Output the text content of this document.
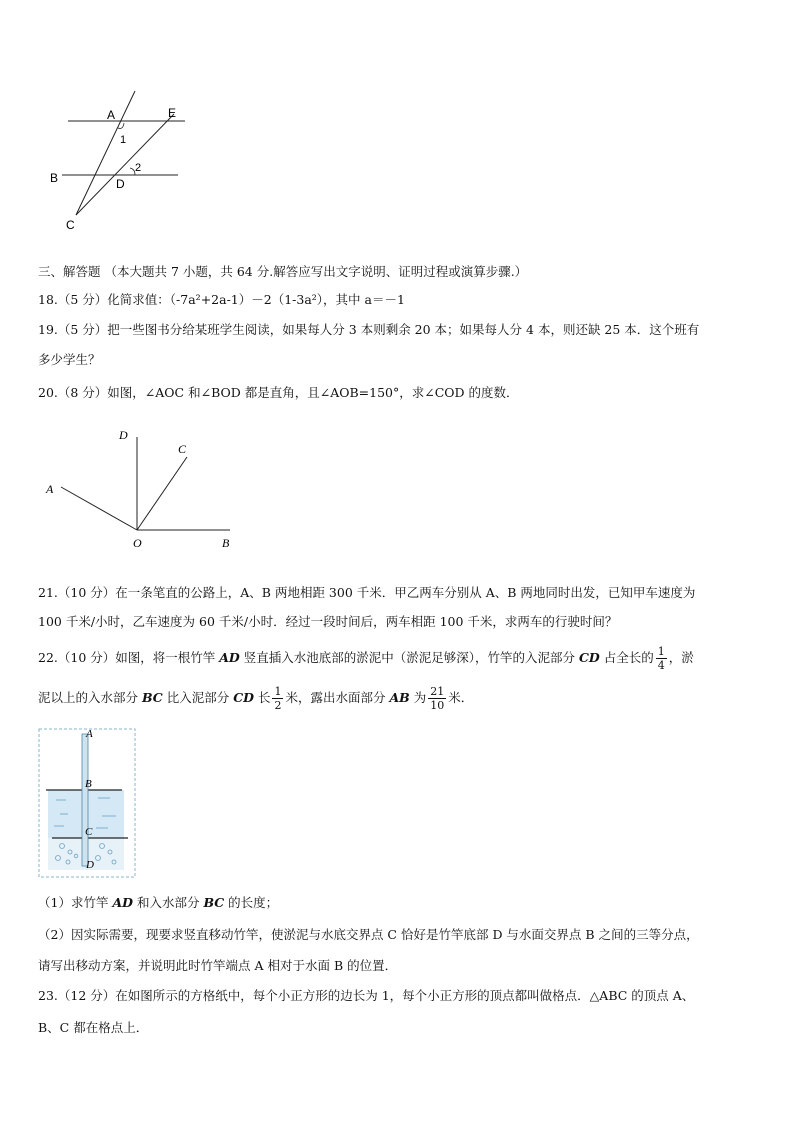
A	E
1
B
2
D
C
三、解答题 （本大题共 7 小题，共 64 分.解答应写出文字说明、证明过程或演算步骤.）
18.（5 分）化简求值：（-7a²+2a-1）－2（1-3a²），其中 a＝－1
19.（5 分）把一些图书分给某班学生阅读，如果每人分 3 本则剩余 20 本；如果每人分 4 本，则还缺 25 本．这个班有
多少学生？
20.（8 分）如图，∠AOC 和∠BOD 都是直角，且∠AOB=150°，求∠COD 的度数．
D
C
A
O	B
21.（10 分）在一条笔直的公路上，A、B 两地相距 300 千米．甲乙两车分别从 A、B 两地同时出发，已知甲车速度为
100 千米/小时，乙车速度为 60 千米/小时．经过一段时间后，两车相距 100 千米，求两车的行驶时间？
22.（10 分）如图，将一根竹竿 AD 竖直插入水池底部的淤泥中（淤泥足够深），竹竿的入泥部分 CD 占全长的 $\frac{1}{4}$ ，淤
泥以上的入水部分 BC 比入泥部分 CD 长 $\frac{1}{2}$ 米，露出水面部分 AB 为 $\frac{21}{10}$ 米．
A
B
C
D
（1）求竹竿 AD 和入水部分 BC 的长度；
（2）因实际需要，现要求竖直移动竹竿，使淤泥与水底交界点 C 恰好是竹竿底部 D 与水面交界点 B 之间的三等分点，
请写出移动方案，并说明此时竹竿端点 A 相对于水面 B 的位置．
23.（12 分）在如图所示的方格纸中，每个小正方形的边长为 1，每个小正方形的顶点都叫做格点．△ABC 的顶点 A、
B、C 都在格点上．
